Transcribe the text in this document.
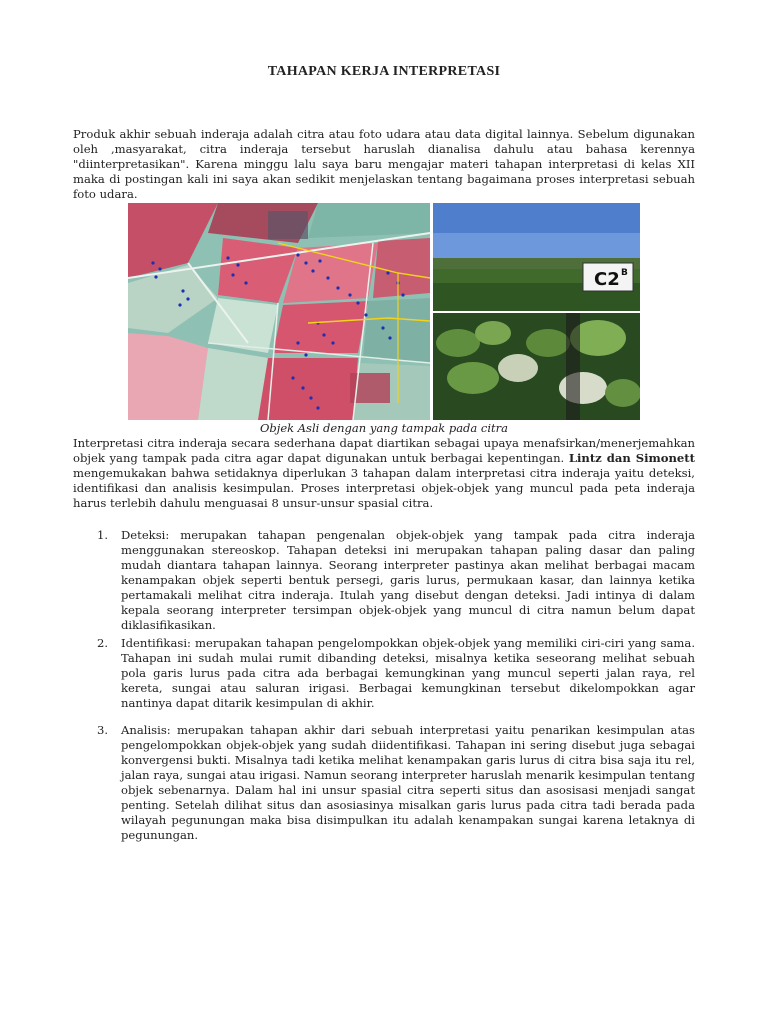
TAHAPAN KERJA INTERPRETASI
Produk akhir sebuah inderaja adalah citra atau foto udara atau data digital lainnya. Sebelum digunakan oleh ,masyarakat, citra inderaja tersebut haruslah dianalisa dahulu atau bahasa kerennya "diinterpretasikan". Karena minggu lalu saya baru mengajar materi tahapan interpretasi di kelas XII maka di postingan kali ini saya akan sedikit menjelaskan tentang bagaimana proses interpretasi sebuah foto udara.
C2 B
Objek Asli dengan yang tampak pada citra
Interpretasi citra inderaja secara sederhana dapat diartikan sebagai upaya menafsirkan/menerjemahkan objek yang tampak pada citra agar dapat digunakan untuk berbagai kepentingan. Lintz dan Simonett mengemukakan bahwa setidaknya diperlukan 3 tahapan dalam interpretasi citra inderaja yaitu deteksi, identifikasi dan analisis kesimpulan. Proses interpretasi objek-objek yang muncul pada peta inderaja harus terlebih dahulu menguasai 8 unsur-unsur spasial citra.
1. Deteksi: merupakan tahapan pengenalan objek-objek yang tampak pada citra inderaja menggunakan stereoskop. Tahapan deteksi ini merupakan tahapan paling dasar dan paling mudah diantara tahapan lainnya. Seorang interpreter pastinya akan melihat berbagai macam kenampakan objek seperti bentuk persegi, garis lurus, permukaan kasar, dan lainnya ketika pertamakali melihat citra inderaja. Itulah yang disebut dengan deteksi. Jadi intinya di dalam kepala seorang interpreter tersimpan objek-objek yang muncul di citra namun belum dapat diklasifikasikan.
2. Identifikasi: merupakan tahapan pengelompokkan objek-objek yang memiliki ciri-ciri yang sama. Tahapan ini sudah mulai rumit dibanding deteksi, misalnya ketika seseorang melihat sebuah pola garis lurus pada citra ada berbagai kemungkinan yang muncul seperti jalan raya, rel kereta, sungai atau saluran irigasi. Berbagai kemungkinan tersebut dikelompokkan agar nantinya dapat ditarik kesimpulan di akhir.
3. Analisis: merupakan tahapan akhir dari sebuah interpretasi yaitu penarikan kesimpulan atas pengelompokkan objek-objek yang sudah diidentifikasi. Tahapan ini sering disebut juga sebagai konvergensi bukti. Misalnya tadi ketika melihat kenampakan garis lurus di citra bisa saja itu rel, jalan raya, sungai atau irigasi. Namun seorang interpreter haruslah menarik kesimpulan tentang objek sebenarnya. Dalam hal ini unsur spasial citra seperti situs dan asosisasi menjadi sangat penting. Setelah dilihat situs dan asosiasinya misalkan garis lurus pada citra tadi berada pada wilayah pegunungan maka bisa disimpulkan itu adalah kenampakan sungai karena letaknya di pegunungan.
